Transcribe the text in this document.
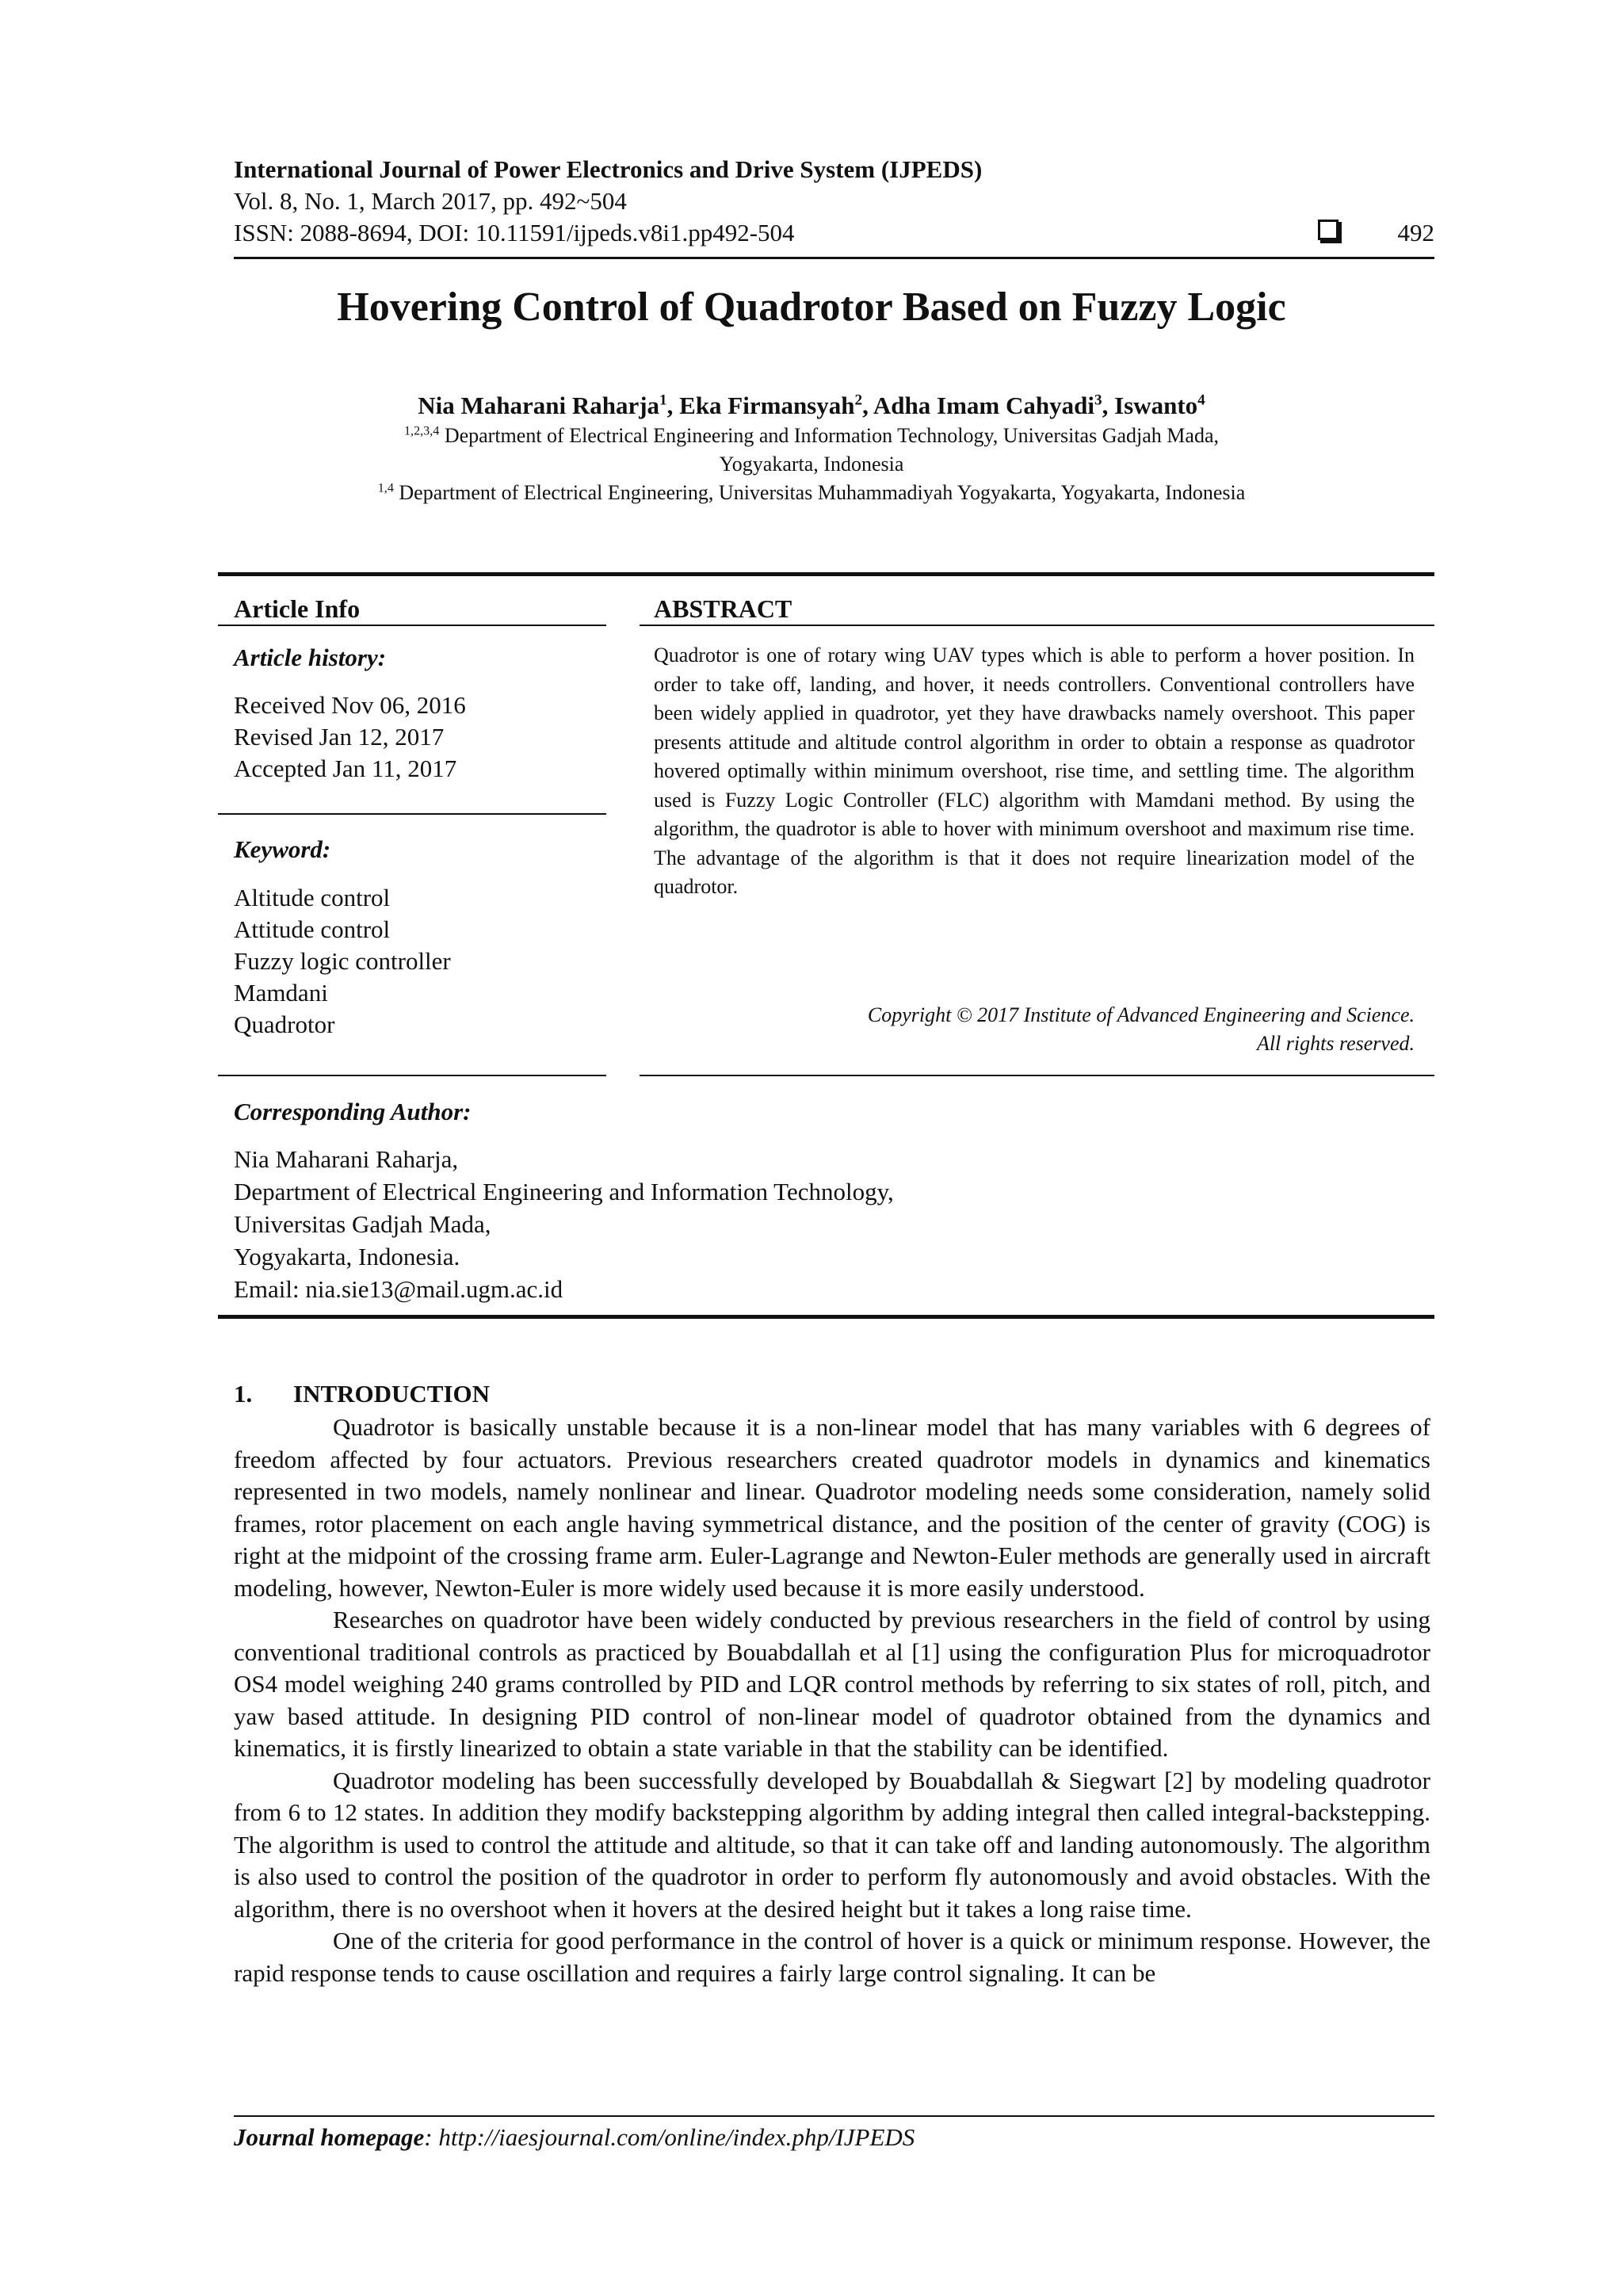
International Journal of Power Electronics and Drive System (IJPEDS)
Vol. 8, No. 1, March 2017, pp. 492~504
ISSN: 2088-8694, DOI: 10.11591/ijpeds.v8i1.pp492-504	492
Hovering Control of Quadrotor Based on Fuzzy Logic
Nia Maharani Raharja$^1$, Eka Firmansyah$^2$, Adha Imam Cahyadi$^3$, Iswanto$^4$
$^{1,2,3,4}$ Department of Electrical Engineering and Information Technology, Universitas Gadjah Mada,
Yogyakarta, Indonesia
$^{1,4}$ Department of Electrical Engineering, Universitas Muhammadiyah Yogyakarta, Yogyakarta, Indonesia
Article Info
Article history:
Received Nov 06, 2016
Revised Jan 12, 2017
Accepted Jan 11, 2017
Keyword:
Altitude control
Attitude control
Fuzzy logic controller
Mamdani
Quadrotor
ABSTRACT
Quadrotor is one of rotary wing UAV types which is able to perform a hover position. In order to take off, landing, and hover, it needs controllers. Conventional controllers have been widely applied in quadrotor, yet they have drawbacks namely overshoot. This paper presents attitude and altitude control algorithm in order to obtain a response as quadrotor hovered optimally within minimum overshoot, rise time, and settling time. The algorithm used is Fuzzy Logic Controller (FLC) algorithm with Mamdani method. By using the algorithm, the quadrotor is able to hover with minimum overshoot and maximum rise time. The advantage of the algorithm is that it does not require linearization model of the quadrotor.
Copyright © 2017 Institute of Advanced Engineering and Science.
All rights reserved.
Corresponding Author:
Nia Maharani Raharja,
Department of Electrical Engineering and Information Technology,
Universitas Gadjah Mada,
Yogyakarta, Indonesia.
Email: nia.sie13@mail.ugm.ac.id
1. INTRODUCTION

Quadrotor is basically unstable because it is a non-linear model that has many variables with 6 degrees of freedom affected by four actuators. Previous researchers created quadrotor models in dynamics and kinematics represented in two models, namely nonlinear and linear. Quadrotor modeling needs some consideration, namely solid frames, rotor placement on each angle having symmetrical distance, and the position of the center of gravity (COG) is right at the midpoint of the crossing frame arm. Euler-Lagrange and Newton-Euler methods are generally used in aircraft modeling, however, Newton-Euler is more widely used because it is more easily understood.

Researches on quadrotor have been widely conducted by previous researchers in the field of control by using conventional traditional controls as practiced by Bouabdallah et al [1] using the configuration Plus for microquadrotor OS4 model weighing 240 grams controlled by PID and LQR control methods by referring to six states of roll, pitch, and yaw based attitude. In designing PID control of non-linear model of quadrotor obtained from the dynamics and kinematics, it is firstly linearized to obtain a state variable in that the stability can be identified.

Quadrotor modeling has been successfully developed by Bouabdallah & Siegwart [2] by modeling quadrotor from 6 to 12 states. In addition they modify backstepping algorithm by adding integral then called integral-backstepping. The algorithm is used to control the attitude and altitude, so that it can take off and landing autonomously. The algorithm is also used to control the position of the quadrotor in order to perform fly autonomously and avoid obstacles. With the algorithm, there is no overshoot when it hovers at the desired height but it takes a long raise time.

One of the criteria for good performance in the control of hover is a quick or minimum response. However, the rapid response tends to cause oscillation and requires a fairly large control signaling. It can be

Journal homepage: http://iaesjournal.com/online/index.php/IJPEDS
